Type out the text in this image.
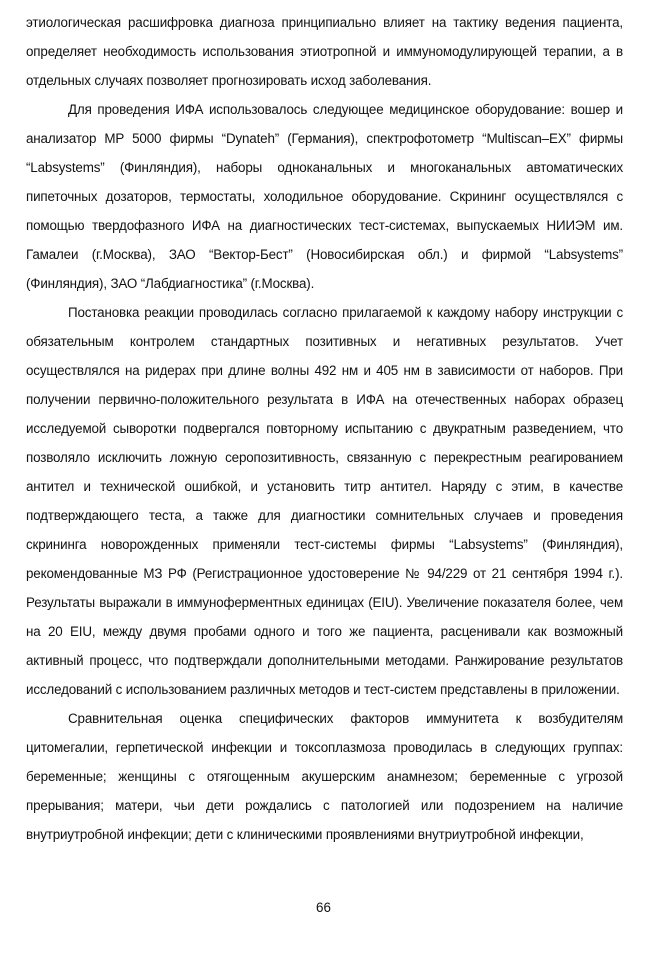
этиологическая расшифровка диагноза принципиально влияет на тактику ведения пациента, определяет необходимость использования этиотропной и иммуномодулирующей терапии, а в отдельных случаях позволяет прогнозировать исход заболевания.

Для проведения ИФА использовалось следующее медицинское оборудование: вошер и анализатор MP 5000 фирмы “Dynateh” (Германия), спектрофотометр “Multiscan–EX” фирмы “Labsystems” (Финляндия), наборы одноканальных и многоканальных автоматических пипеточных дозаторов, термостаты, холодильное оборудование. Скрининг осуществлялся с помощью твердофазного ИФА на диагностических тест-системах, выпускаемых НИИЭМ им. Гамалеи (г.Москва), ЗАО “Вектор-Бест” (Новосибирская обл.) и фирмой “Labsystems” (Финляндия), ЗАО “Лабдиагностика” (г.Москва).

Постановка реакции проводилась согласно прилагаемой к каждому набору инструкции с обязательным контролем стандартных позитивных и негативных результатов. Учет осуществлялся на ридерах при длине волны 492 нм и 405 нм в зависимости от наборов. При получении первично-положительного результата в ИФА на отечественных наборах образец исследуемой сыворотки подвергался повторному испытанию с двукратным разведением, что позволяло исключить ложную серопозитивность, связанную с перекрестным реагированием антител и технической ошибкой, и установить титр антител. Наряду с этим, в качестве подтверждающего теста, а также для диагностики сомнительных случаев и проведения скрининга новорожденных применяли тест-системы фирмы “Labsystems” (Финляндия), рекомендованные МЗ РФ (Регистрационное удостоверение № 94/229 от 21 сентября 1994 г.). Результаты выражали в иммуноферментных единицах (EIU). Увеличение показателя более, чем на 20 EIU, между двумя пробами одного и того же пациента, расценивали как возможный активный процесс, что подтверждали дополнительными методами. Ранжирование результатов исследований с использованием различных методов и тест-систем представлены в приложении.

Сравнительная оценка специфических факторов иммунитета к возбудителям цитомегалии, герпетической инфекции и токсоплазмоза проводилась в следующих группах: беременные; женщины с отягощенным акушерским анамнезом; беременные с угрозой прерывания; матери, чьи дети рождались с патологией или подозрением на наличие внутриутробной инфекции; дети с клиническими проявлениями внутриутробной инфекции,

66
